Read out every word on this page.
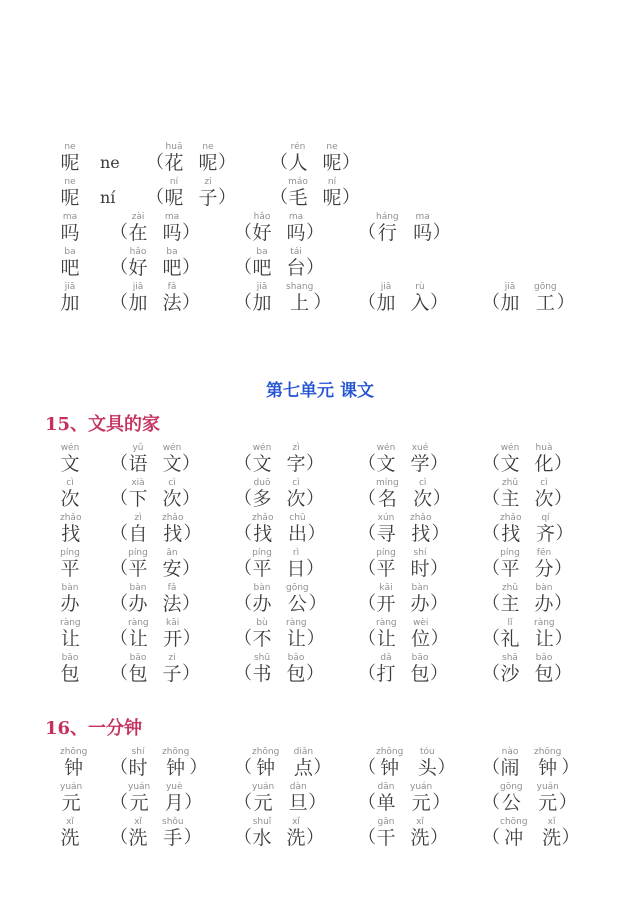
ne
呢 ne	（
huā
花
ne
呢 ） （
rén
人
ne
呢 ）
ne
呢 ní	（
ní
呢
zi
子 ） （
máo
毛
ní
呢 ）
ma
吗 （
zài
在
ma
吗 ） （
hǎo
好
ma
吗 ） （
háng
行
ma
吗 ）
ba
吧 （
hǎo
好
ba
吧 ） （
ba
吧
tái
台 ）
jiā
加 （
jiā
加
fǎ
法 ） （
jiā
加
shang
上 ） （
jiā
加
rù
入 ） （
jiā
加
gōng
工 ）
第七单元 课文
15、文具的家
wén
文 （
yǔ
语
wén
文 ） （
wén
文
zì
字 ） （
wén
文
xué
学 ） （
wén
文
huà
化 ）
cì
次 （
xià
下
cì
次 ） （
duō
多
cì
次 ） （
míng
名
cì
次 ） （
zhǔ
主
cì
次 ）
zhǎo
找 （
zì
自
zhǎo
找 ） （
zhǎo
找
chū
出 ） （
xún
寻
zhǎo
找 ） （
zhǎo
找
qí
齐 ）
píng
平 （
píng
平
ān
安 ） （
píng
平
rì
日 ） （
píng
平
shí
时 ） （
píng
平
fēn
分 ）
bàn
办 （
bàn
办
fǎ
法 ） （
bàn
办
gōng
公 ） （
kāi
开
bàn
办 ） （
zhǔ
主
bàn
办 ）
ràng
让 （
ràng
让
kāi
开 ） （
bù
不
ràng
让 ） （
ràng
让
wèi
位 ） （
lǐ
礼
ràng
让 ）
bāo
包 （
bāo
包
zi
子 ） （
shū
书
bāo
包 ） （
dǎ
打
bāo
包 ） （
shā
沙
bāo
包 ）
16、一分钟
zhōng
钟 （
shí
时
zhōng
钟 ） （
zhōng
钟
diǎn
点 ） （
zhōng
钟
tóu
头 ） （
nào
闹
zhōng
钟 ）
yuán
元 （
yuán
元
yuè
月 ） （
yuán
元
dàn
旦 ） （
dān
单
yuán
元 ） （
gōng
公
yuán
元 ）
xǐ
洗 （
xǐ
洗
shǒu
手 ） （
shuǐ
水
xǐ
洗 ） （
gān
干
xǐ
洗 ） （
chōng
冲
xǐ
洗 ）
